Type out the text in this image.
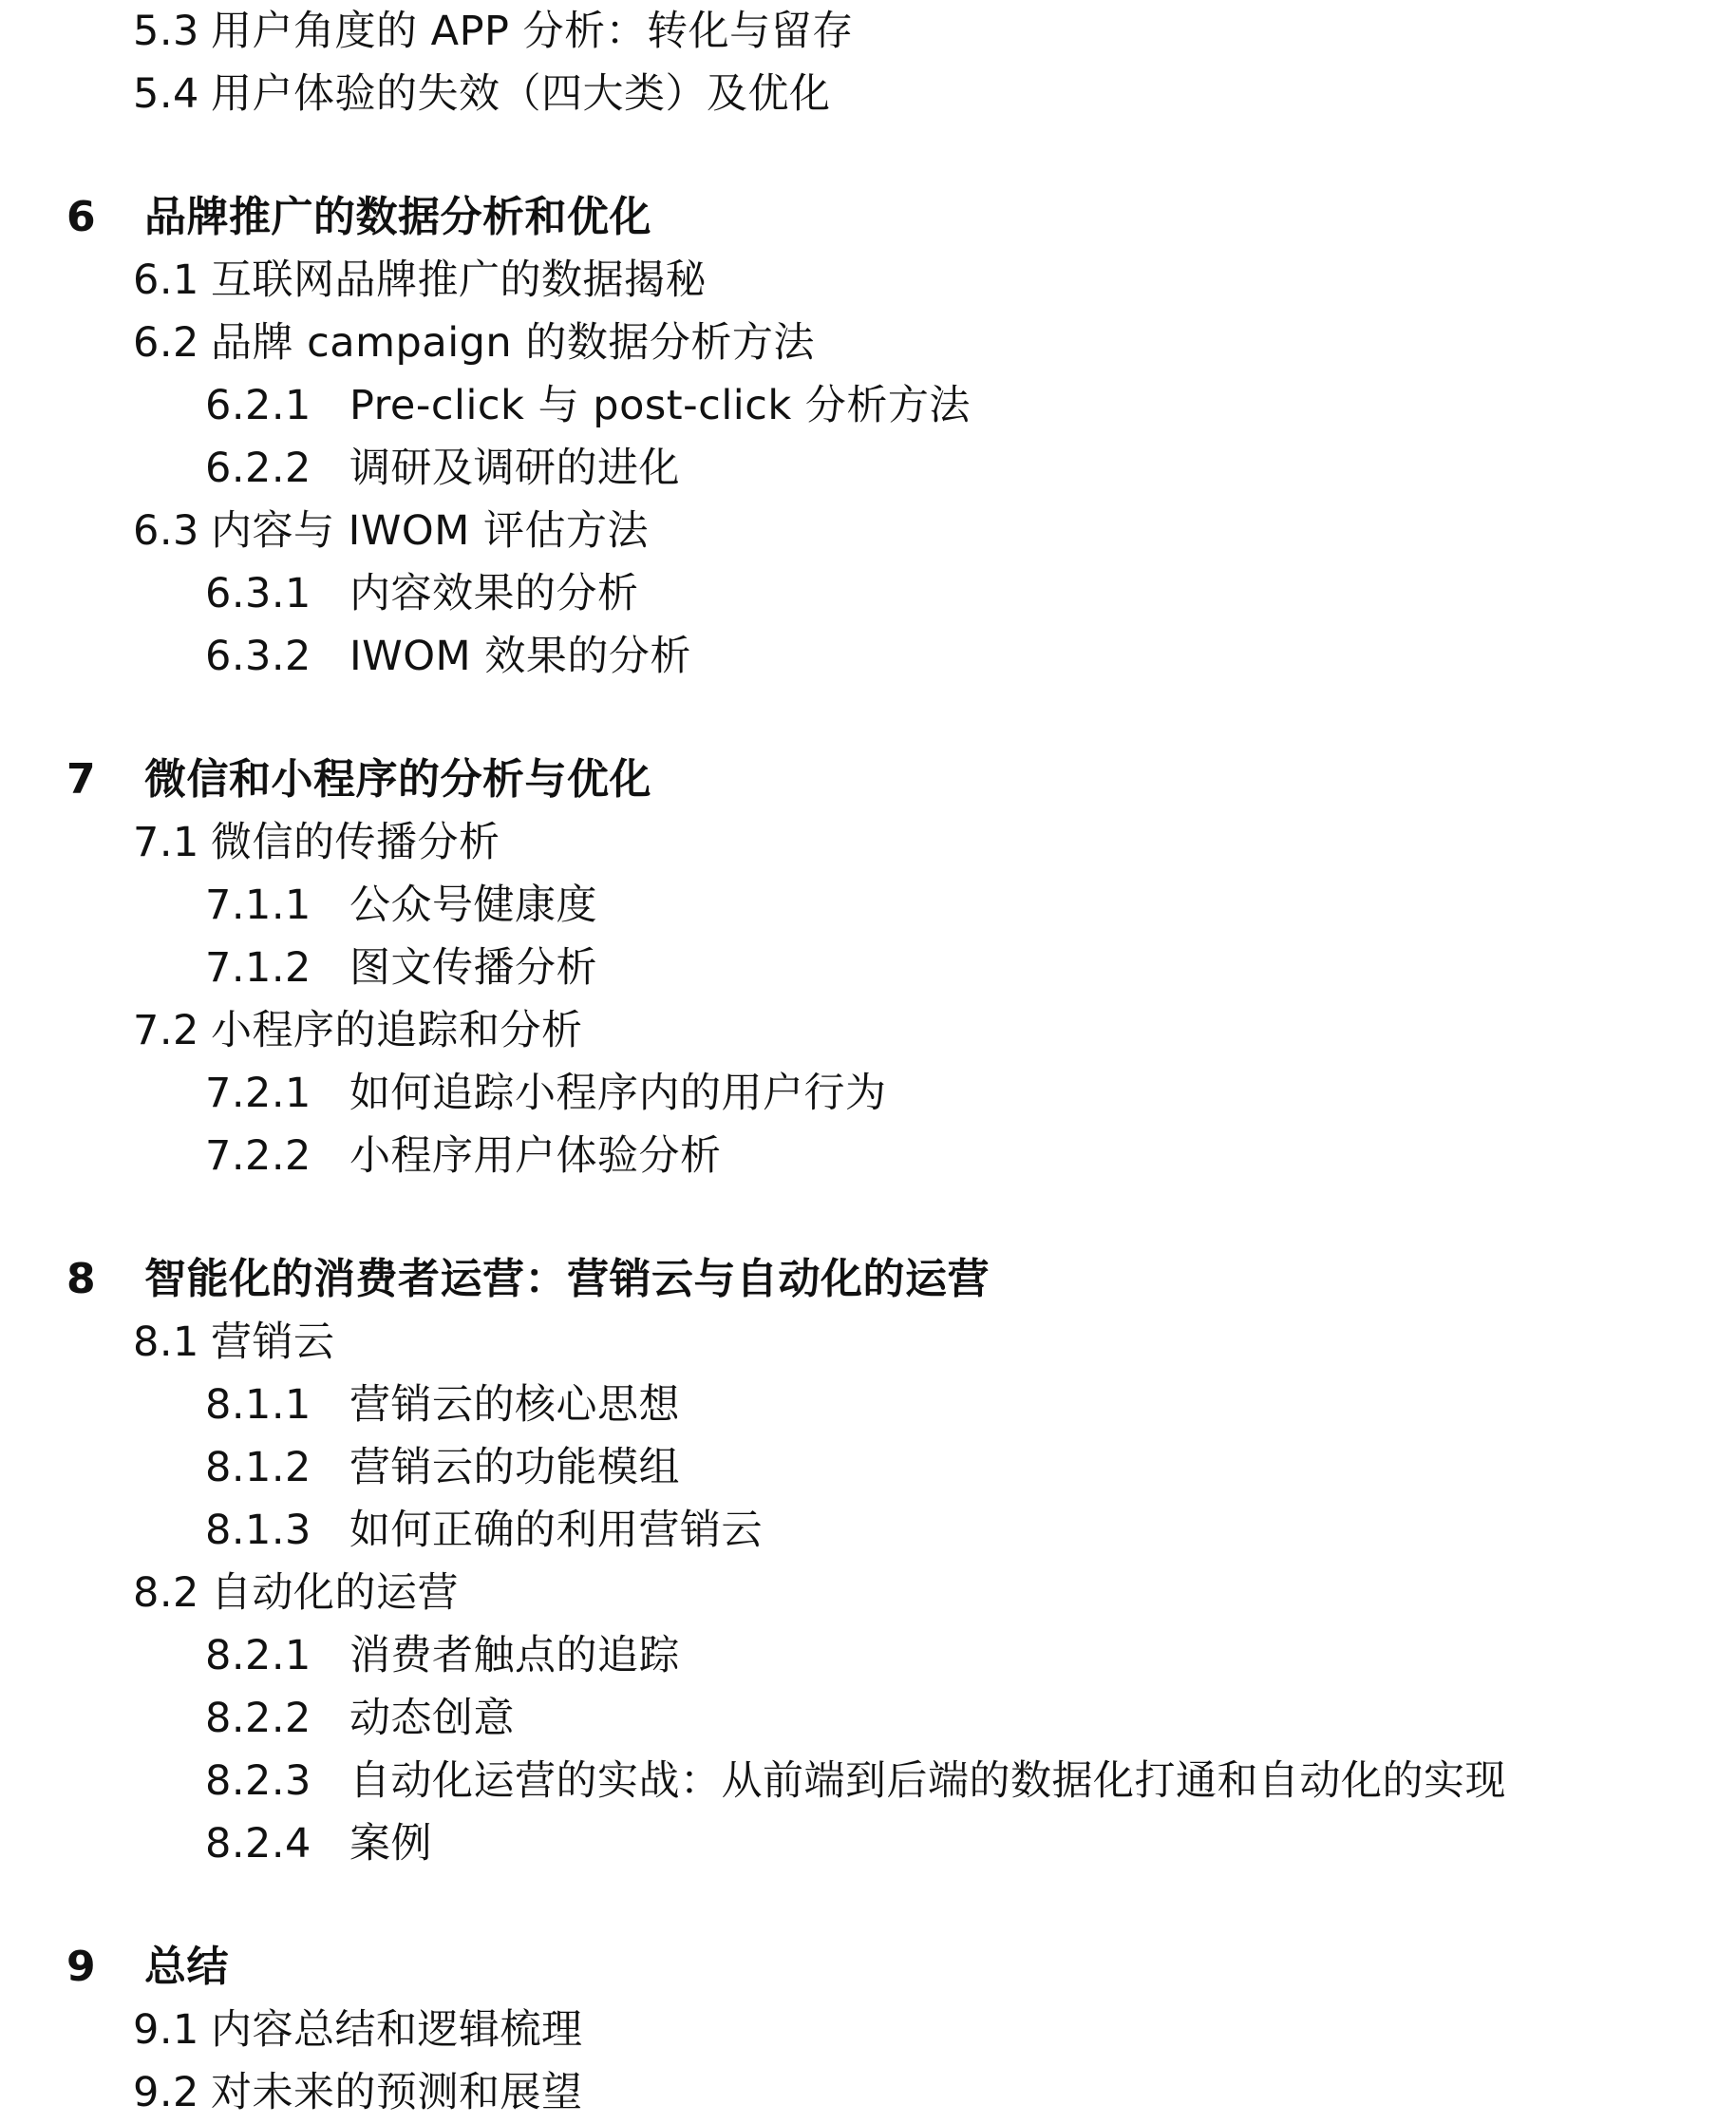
5.3 用户角度的 APP 分析：转化与留存
5.4 用户体验的失效（四大类）及优化
6 品牌推广的数据分析和优化
6.1 互联网品牌推广的数据揭秘
6.2 品牌 campaign 的数据分析方法
6.2.1 Pre-click 与 post-click 分析方法
6.2.2 调研及调研的进化
6.3 内容与 IWOM 评估方法
6.3.1 内容效果的分析
6.3.2 IWOM 效果的分析
7 微信和小程序的分析与优化
7.1 微信的传播分析
7.1.1 公众号健康度
7.1.2 图文传播分析
7.2 小程序的追踪和分析
7.2.1 如何追踪小程序内的用户行为
7.2.2 小程序用户体验分析
8 智能化的消费者运营：营销云与自动化的运营
8.1 营销云
8.1.1 营销云的核心思想
8.1.2 营销云的功能模组
8.1.3 如何正确的利用营销云
8.2 自动化的运营
8.2.1 消费者触点的追踪
8.2.2 动态创意
8.2.3 自动化运营的实战：从前端到后端的数据化打通和自动化的实现
8.2.4 案例
9 总结
9.1 内容总结和逻辑梳理
9.2 对未来的预测和展望
